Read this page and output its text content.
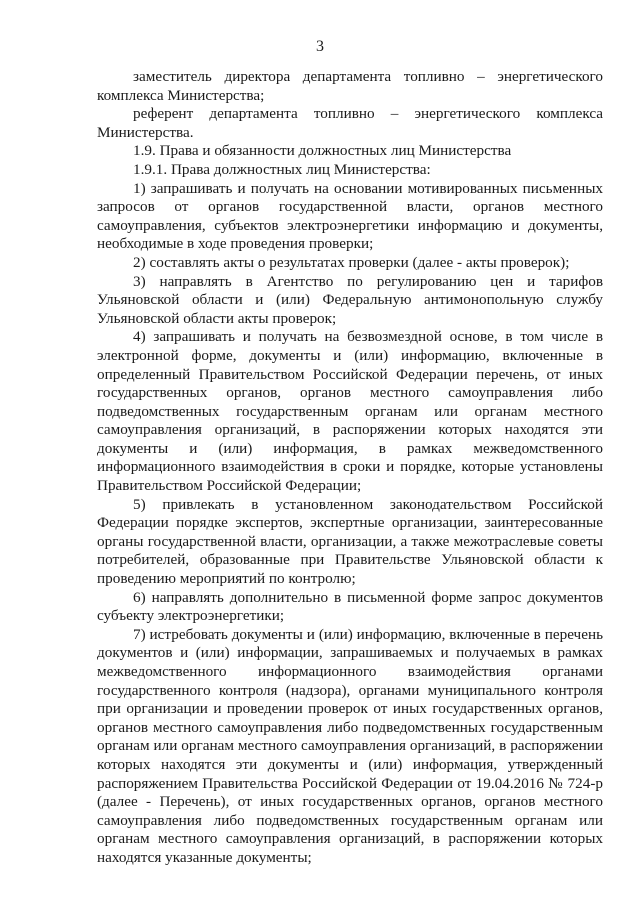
3

заместитель директора департамента топливно – энергетического комплекса Министерства;

референт департамента топливно – энергетического комплекса Министерства.

1.9. Права и обязанности должностных лиц Министерства

1.9.1. Права должностных лиц Министерства:

1) запрашивать и получать на основании мотивированных письменных запросов от органов государственной власти, органов местного самоуправления, субъектов электроэнергетики информацию и документы, необходимые в ходе проведения проверки;

2) составлять акты о результатах проверки (далее - акты проверок);

3) направлять в Агентство по регулированию цен и тарифов Ульяновской области и (или) Федеральную антимонопольную службу Ульяновской области акты проверок;

4) запрашивать и получать на безвозмездной основе, в том числе в электронной форме, документы и (или) информацию, включенные в определенный Правительством Российской Федерации перечень, от иных государственных органов, органов местного самоуправления либо подведомственных государственным органам или органам местного самоуправления организаций, в распоряжении которых находятся эти документы и (или) информация, в рамках межведомственного информационного взаимодействия в сроки и порядке, которые установлены Правительством Российской Федерации;

5) привлекать в установленном законодательством Российской Федерации порядке экспертов, экспертные организации, заинтересованные органы государственной власти, организации, а также межотраслевые советы потребителей, образованные при Правительстве Ульяновской области к проведению мероприятий по контролю;

6) направлять дополнительно в письменной форме запрос документов субъекту электроэнергетики;

7) истребовать документы и (или) информацию, включенные в перечень документов и (или) информации, запрашиваемых и получаемых в рамках межведомственного информационного взаимодействия органами государственного контроля (надзора), органами муниципального контроля при организации и проведении проверок от иных государственных органов, органов местного самоуправления либо подведомственных государственным органам или органам местного самоуправления организаций, в распоряжении которых находятся эти документы и (или) информация, утвержденный распоряжением Правительства Российской Федерации от 19.04.2016 № 724-р (далее - Перечень), от иных государственных органов, органов местного самоуправления либо подведомственных государственным органам или органам местного самоуправления организаций, в распоряжении которых находятся указанные документы;
